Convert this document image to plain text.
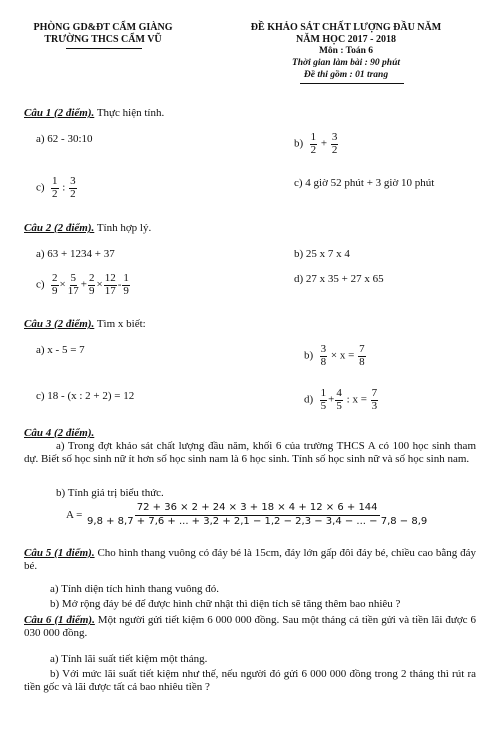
PHÒNG GD&ĐT CẨM GIÀNG
TRƯỜNG THCS CẨM VŨ
ĐỀ KHẢO SÁT CHẤT LƯỢNG ĐẦU NĂM
NĂM HỌC 2017 - 2018
Môn : Toán 6
Thời gian làm bài : 90 phút
Đề thi gồm : 01 trang
Câu 1 (2 điểm). Thực hiện tính.
a) 62 - 30:10	$b) \frac{1}{2} + \frac{3}{2}$
$c) \frac{1}{2}$ : $\frac{3}{2}$	c) 4 giờ 52 phút + 3 giờ 10 phút
Câu 2 (2 điểm). Tính hợp lý.
a) 63 + 1234 + 37	b) 25 x 7 x 4
$c) \frac{2}{9} \times \frac{5}{17} + \frac{2}{9} \times \frac{12}{17} - \frac{1}{9}$	d) 27 x 35 + 27 x 65
Câu 3 (2 điểm). Tìm x biết:
a) x - 5 = 7	$b) \frac{3}{8} \times x = \frac{7}{8}$
c) 18 - (x : 2 + 2) = 12	$d) \frac{1}{5} + \frac{4}{5}$ : $x = \frac{7}{3}$
Câu 4 (2 điểm).
a) Trong đợt khảo sát chất lượng đầu năm, khối 6 của trường THCS A có 100 học sinh tham dự. Biết số học sinh nữ ít hơn số học sinh nam là 6 học sinh. Tính số học sinh nữ và số học sinh nam.
b) Tính giá trị biểu thức.
A =
72 + 36 × 2 + 24 × 3 + 18 × 4 + 12 × 6 + 144
9,8 + 8,7 + 7,6 + ... + 3,2 + 2,1 − 1,2 − 2,3 − 3,4 − ... − 7,8 − 8,9
Câu 5 (1 điểm). Cho hình thang vuông có đáy bé là 15cm, đáy lớn gấp đôi đáy bé, chiều cao bằng đáy bé.
a) Tính diện tích hình thang vuông đó.
b) Mở rộng đáy bé để được hình chữ nhật thì diện tích sẽ tăng thêm bao nhiêu ?
Câu 6 (1 điểm). Một người gửi tiết kiệm 6 000 000 đồng. Sau một tháng cả tiền gửi và tiền lãi được 6 030 000 đồng.
a) Tính lãi suất tiết kiệm một tháng.
b) Với mức lãi suất tiết kiệm như thế, nếu người đó gửi 6 000 000 đồng trong 2 tháng thì rút ra tiền gốc và lãi được tất cả bao nhiêu tiền ?
